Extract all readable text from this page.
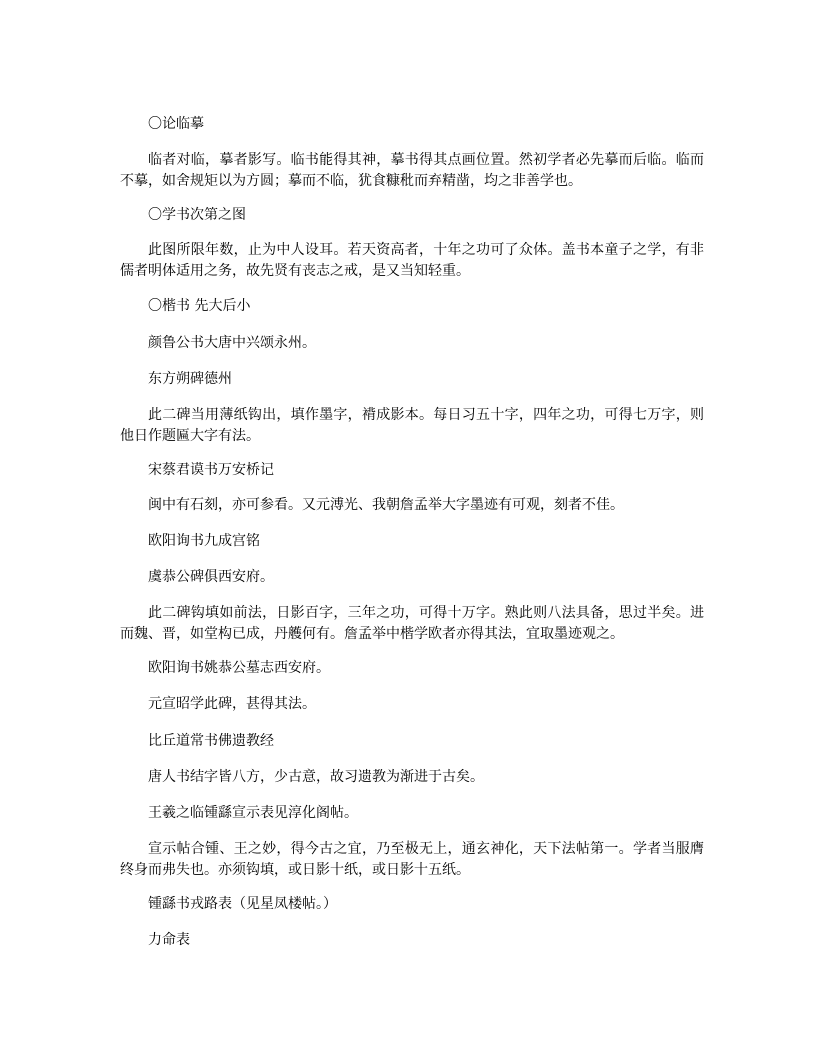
〇论临摹

临者对临，摹者影写。临书能得其神，摹书得其点画位置。然初学者必先摹而后临。临而不摹，如舍规矩以为方圆；摹而不临，犹食糠秕而弃精凿，均之非善学也。

〇学书次第之图

此图所限年数，止为中人设耳。若天资高者，十年之功可了众体。盖书本童子之学，有非儒者明体适用之务，故先贤有丧志之戒，是又当知轻重。

〇楷书 先大后小

颜鲁公书大唐中兴颂永州。

东方朔碑德州

此二碑当用薄纸钩出，填作墨字，褙成影本。每日习五十字，四年之功，可得七万字，则他日作题匾大字有法。

宋蔡君谟书万安桥记

闽中有石刻，亦可参看。又元溥光、我朝詹孟举大字墨迹有可观，刻者不佳。

欧阳询书九成宫铭

虞恭公碑俱西安府。

此二碑钩填如前法，日影百字，三年之功，可得十万字。熟此则八法具备，思过半矣。进而魏、晋，如堂构已成，丹艧何有。詹孟举中楷学欧者亦得其法，宜取墨迹观之。

欧阳询书姚恭公墓志西安府。

元宣昭学此碑，甚得其法。

比丘道常书佛遗教经

唐人书结字皆八方，少古意，故习遗教为渐进于古矣。

王羲之临锺繇宣示表见淳化阁帖。

宣示帖合锺、王之妙，得今古之宜，乃至极无上，通玄神化，天下法帖第一。学者当服膺终身而弗失也。亦须钩填，或日影十纸，或日影十五纸。

锺繇书戎路表（见星凤楼帖。）

力命表
